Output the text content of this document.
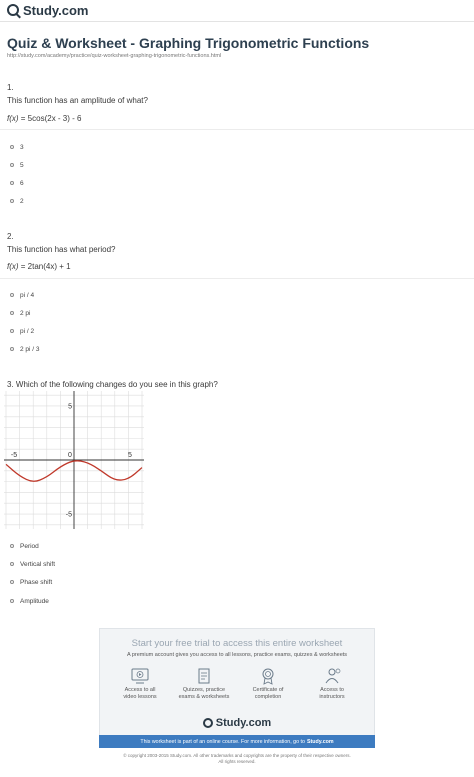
Study.com
Quiz & Worksheet - Graphing Trigonometric Functions
http://study.com/academy/practice/quiz-worksheet-graphing-trigonometric-functions.html
1.
This function has an amplitude of what?
f(x) = 5cos(2x - 3) - 6
3
5
6
2
2.
This function has what period?
f(x) = 2tan(4x) + 1
pi / 4
2 pi
pi / 2
2 pi / 3
3. Which of the following changes do you see in this graph?
-5	0	5
5
-5
Period
Vertical shift
Phase shift
Amplitude
Start your free trial to access this entire worksheet
A premium account gives you access to all lessons, practice exams, quizzes & worksheets
Access to all
video lessons
Quizzes, practice
exams & worksheets
Certificate of
completion
Access to
instructors
Study.com
This worksheet is part of an online course. For more information, go to Study.com
© copyright 2003-2015 Study.com. All other trademarks and copyrights are the property of their respective owners.
All rights reserved.
